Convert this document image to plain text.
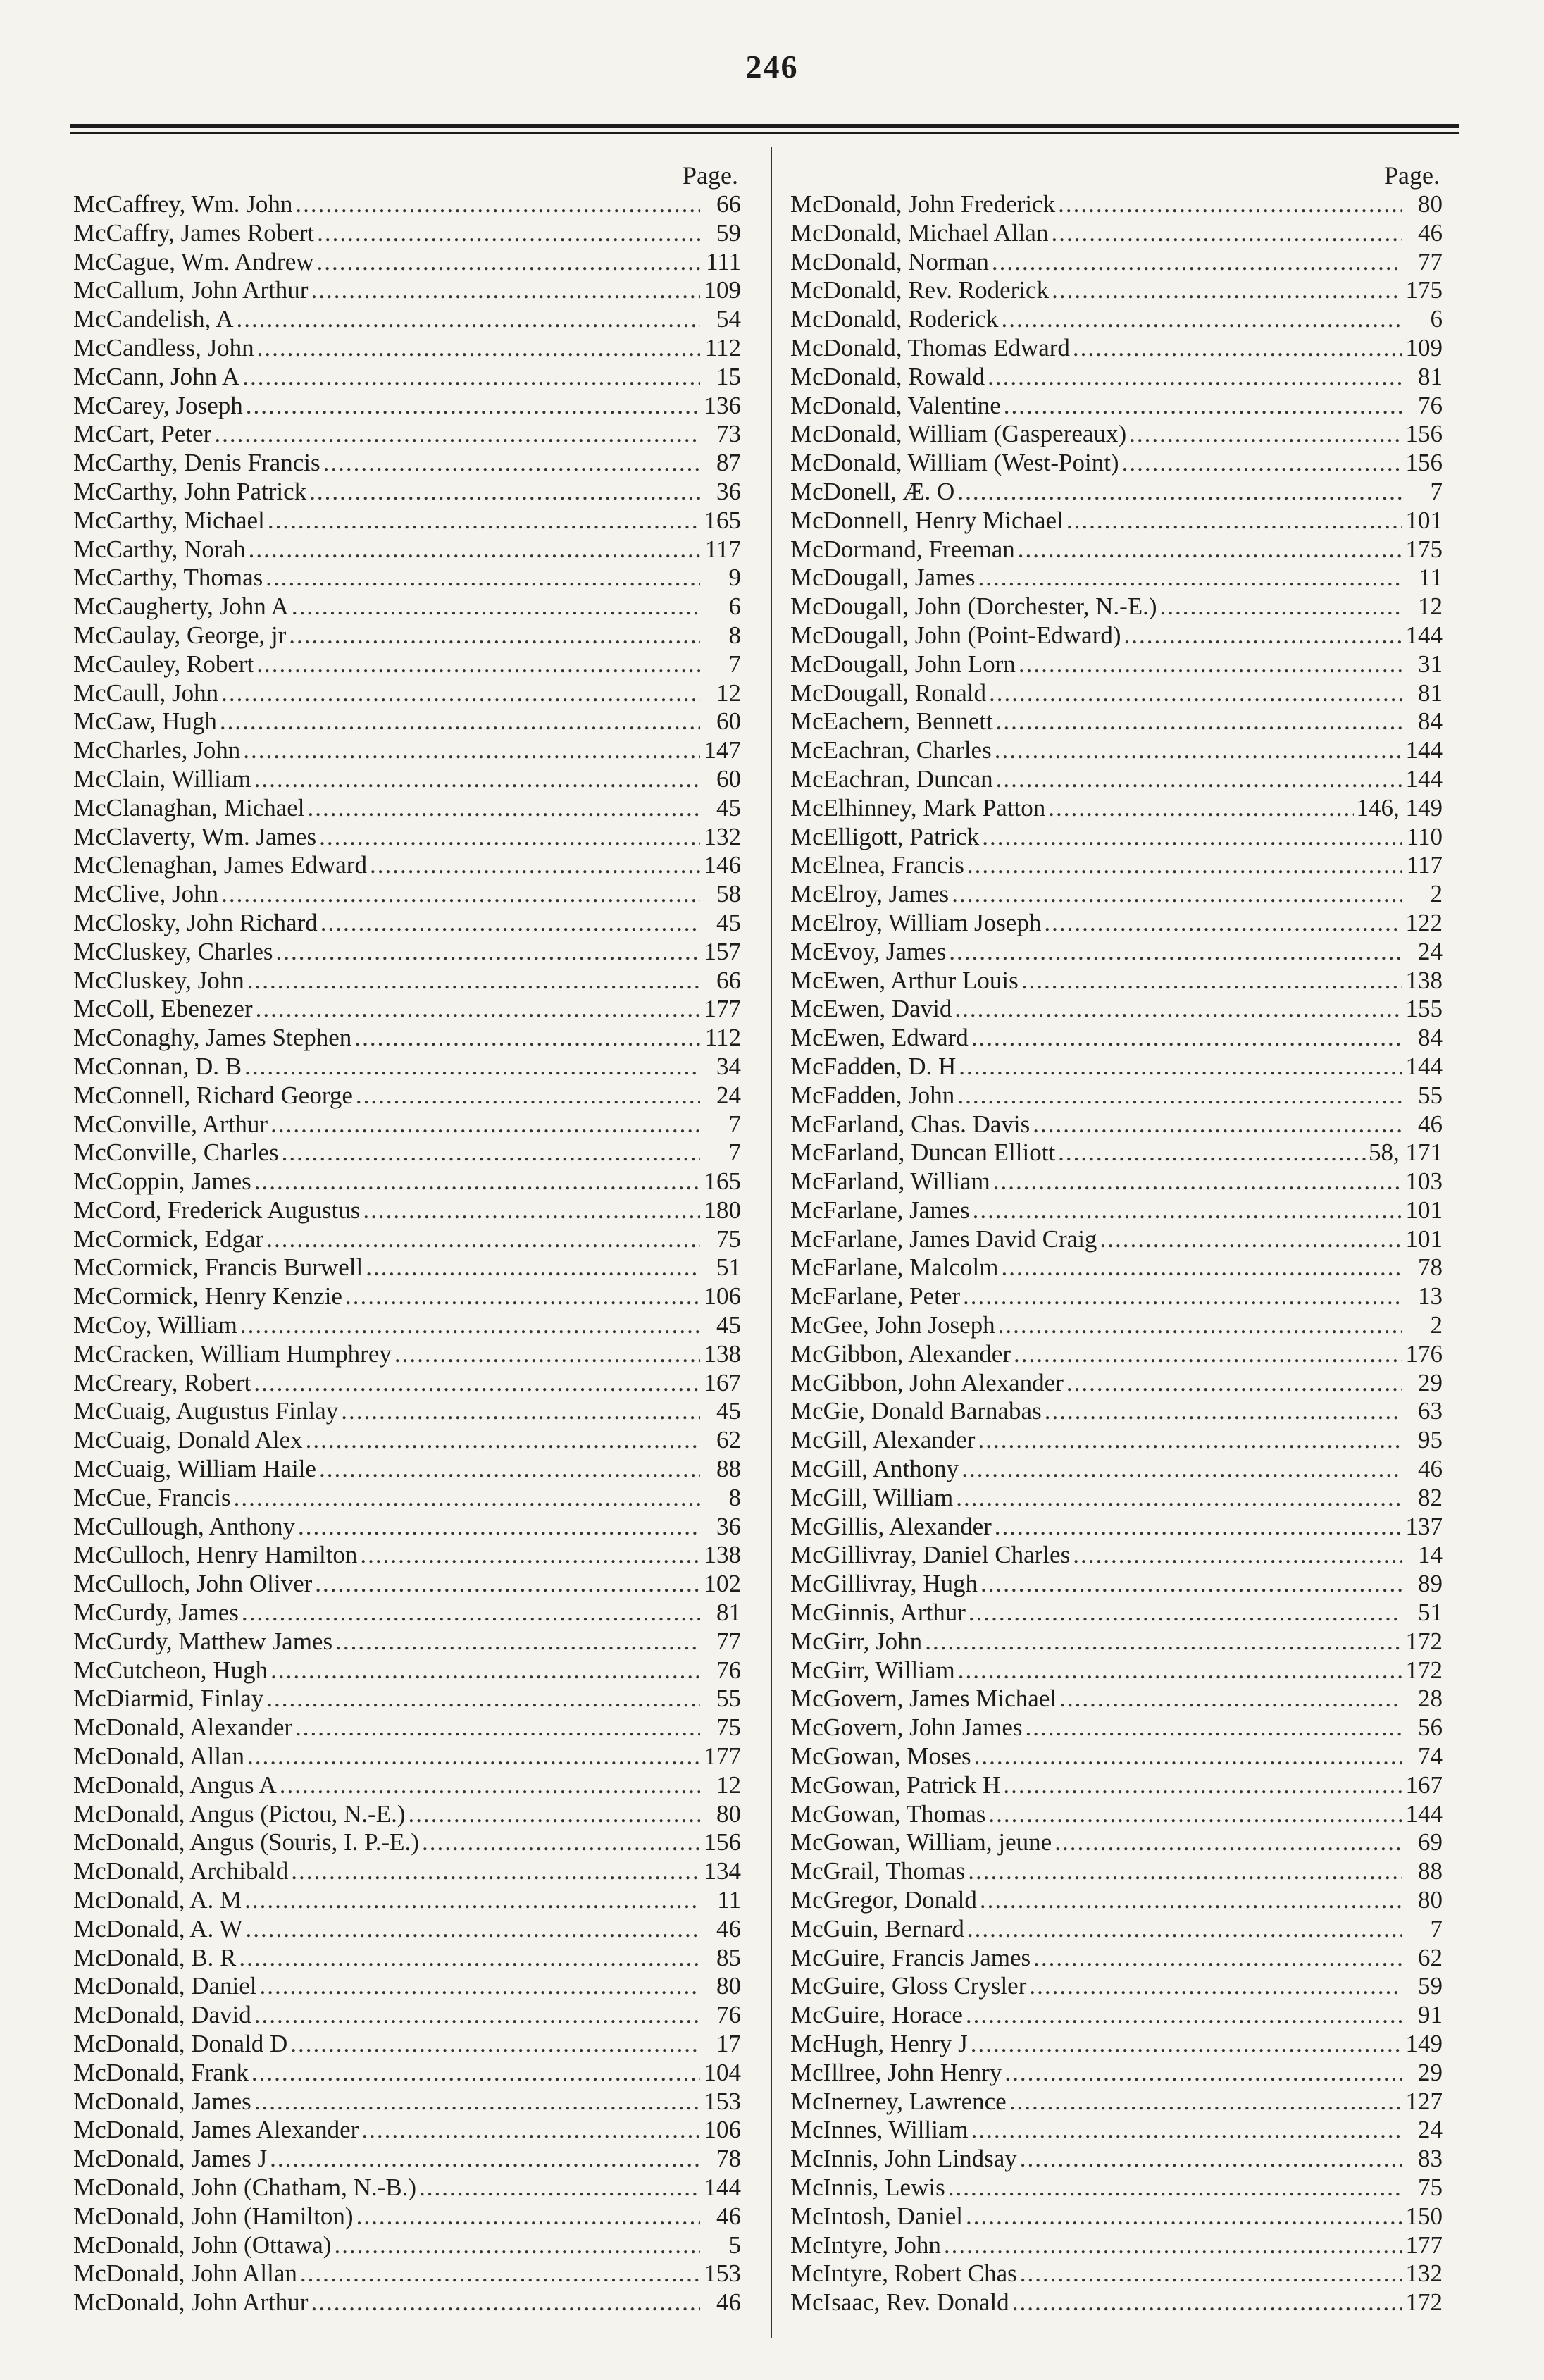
246
Page.
McCaffrey, Wm. John .....	66
McCaffry, James Robert .....	59
McCague, Wm. Andrew .....	111
McCallum, John Arthur .....	109
McCandelish, A .....	54
McCandless, John .....	112
McCann, John A .....	15
McCarey, Joseph .....	136
McCart, Peter .....	73
McCarthy, Denis Francis .....	87
McCarthy, John Patrick .....	36
McCarthy, Michael .....	165
McCarthy, Norah .....	117
McCarthy, Thomas .....	9
McCaugherty, John A .....	6
McCaulay, George, jr .....	8
McCauley, Robert .....	7
McCaull, John .....	12
McCaw, Hugh .....	60
McCharles, John .....	147
McClain, William .....	60
McClanaghan, Michael .....	45
McClaverty, Wm. James .....	132
McClenaghan, James Edward .....	146
McClive, John .....	58
McClosky, John Richard .....	45
McCluskey, Charles .....	157
McCluskey, John .....	66
McColl, Ebenezer .....	177
McConaghy, James Stephen .....	112
McConnan, D. B .....	34
McConnell, Richard George .....	24
McConville, Arthur .....	7
McConville, Charles .....	7
McCoppin, James .....	165
McCord, Frederick Augustus .....	180
McCormick, Edgar .....	75
McCormick, Francis Burwell .....	51
McCormick, Henry Kenzie .....	106
McCoy, William .....	45
McCracken, William Humphrey .....	138
McCreary, Robert .....	167
McCuaig, Augustus Finlay .....	45
McCuaig, Donald Alex .....	62
McCuaig, William Haile .....	88
McCue, Francis .....	8
McCullough, Anthony .....	36
McCulloch, Henry Hamilton .....	138
McCulloch, John Oliver .....	102
McCurdy, James .....	81
McCurdy, Matthew James .....	77
McCutcheon, Hugh .....	76
McDiarmid, Finlay .....	55
McDonald, Alexander .....	75
McDonald, Allan .....	177
McDonald, Angus A .....	12
McDonald, Angus (Pictou, N.-E.) .....	80
McDonald, Angus (Souris, I. P.-E.) .....	156
McDonald, Archibald .....	134
McDonald, A. M .....	11
McDonald, A. W .....	46
McDonald, B. R .....	85
McDonald, Daniel .....	80
McDonald, David .....	76
McDonald, Donald D .....	17
McDonald, Frank .....	104
McDonald, James .....	153
McDonald, James Alexander .....	106
McDonald, James J .....	78
McDonald, John (Chatham, N.-B.) .....	144
McDonald, John (Hamilton) .....	46
McDonald, John (Ottawa) .....	5
McDonald, John Allan .....	153
McDonald, John Arthur .....	46
Page.
McDonald, John Frederick .....	80
McDonald, Michael Allan .....	46
McDonald, Norman .....	77
McDonald, Rev. Roderick .....	175
McDonald, Roderick .....	6
McDonald, Thomas Edward .....	109
McDonald, Rowald .....	81
McDonald, Valentine .....	76
McDonald, William (Gaspereaux) .....	156
McDonald, William (West-Point) .....	156
McDonell, Æ. O .....	7
McDonnell, Henry Michael .....	101
McDormand, Freeman .....	175
McDougall, James .....	11
McDougall, John (Dorchester, N.-E.) .....	12
McDougall, John (Point-Edward) .....	144
McDougall, John Lorn .....	31
McDougall, Ronald .....	81
McEachern, Bennett .....	84
McEachran, Charles .....	144
McEachran, Duncan .....	144
McElhinney, Mark Patton .....	146, 149
McElligott, Patrick .....	110
McElnea, Francis .....	117
McElroy, James .....	2
McElroy, William Joseph .....	122
McEvoy, James .....	24
McEwen, Arthur Louis .....	138
McEwen, David .....	155
McEwen, Edward .....	84
McFadden, D. H .....	144
McFadden, John .....	55
McFarland, Chas. Davis .....	46
McFarland, Duncan Elliott .....	58, 171
McFarland, William .....	103
McFarlane, James .....	101
McFarlane, James David Craig .....	101
McFarlane, Malcolm .....	78
McFarlane, Peter .....	13
McGee, John Joseph .....	2
McGibbon, Alexander .....	176
McGibbon, John Alexander .....	29
McGie, Donald Barnabas .....	63
McGill, Alexander .....	95
McGill, Anthony .....	46
McGill, William .....	82
McGillis, Alexander .....	137
McGillivray, Daniel Charles .....	14
McGillivray, Hugh .....	89
McGinnis, Arthur .....	51
McGirr, John .....	172
McGirr, William .....	172
McGovern, James Michael .....	28
McGovern, John James .....	56
McGowan, Moses .....	74
McGowan, Patrick H .....	167
McGowan, Thomas .....	144
McGowan, William, jeune .....	69
McGrail, Thomas .....	88
McGregor, Donald .....	80
McGuin, Bernard .....	7
McGuire, Francis James .....	62
McGuire, Gloss Crysler .....	59
McGuire, Horace .....	91
McHugh, Henry J .....	149
McIllree, John Henry .....	29
McInerney, Lawrence .....	127
McInnes, William .....	24
McInnis, John Lindsay .....	83
McInnis, Lewis .....	75
McIntosh, Daniel .....	150
McIntyre, John .....	177
McIntyre, Robert Chas .....	132
McIsaac, Rev. Donald .....	172
